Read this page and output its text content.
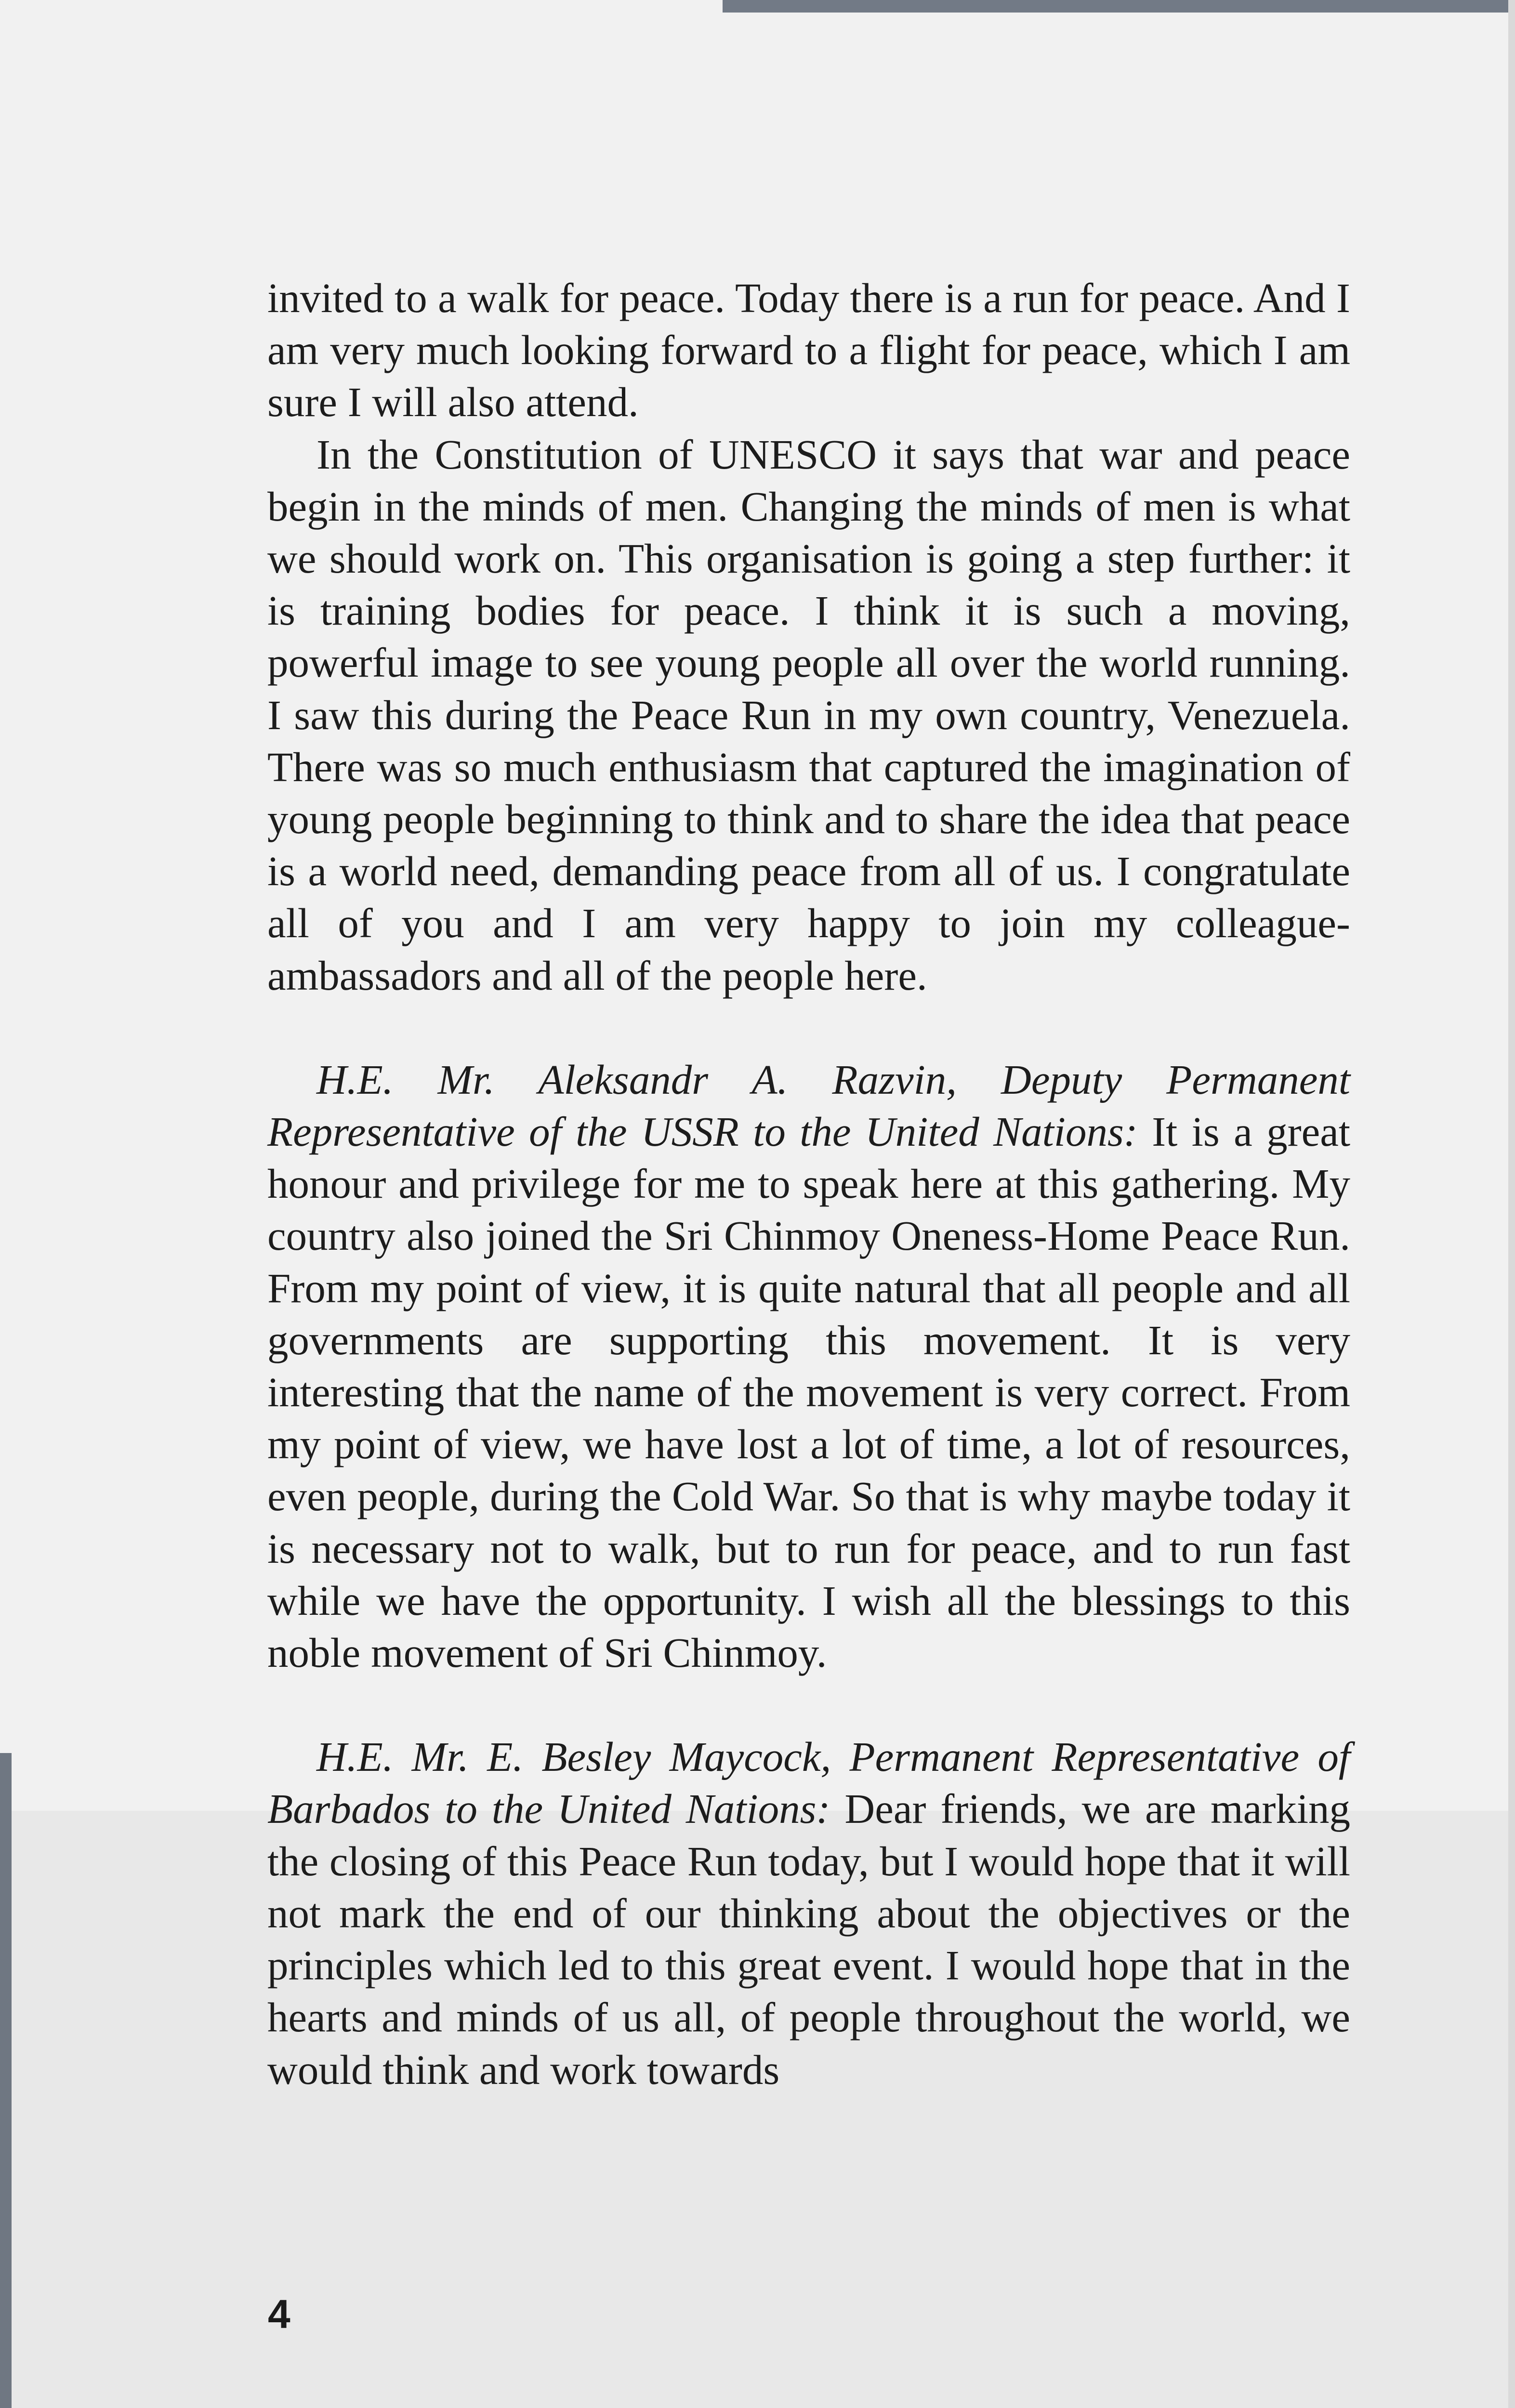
invited to a walk for peace. Today there is a run for peace. And I am very much looking forward to a flight for peace, which I am sure I will also attend.

In the Constitution of UNESCO it says that war and peace begin in the minds of men. Changing the minds of men is what we should work on. This organisation is going a step further: it is training bodies for peace. I think it is such a moving, powerful image to see young people all over the world running. I saw this during the Peace Run in my own country, Venezuela. There was so much enthusiasm that captured the imagination of young people beginning to think and to share the idea that peace is a world need, demanding peace from all of us. I congratulate all of you and I am very happy to join my colleague-ambassadors and all of the people here.

H.E. Mr. Aleksandr A. Razvin, Deputy Permanent Representative of the USSR to the United Nations: It is a great honour and privilege for me to speak here at this gathering. My country also joined the Sri Chinmoy Oneness-Home Peace Run. From my point of view, it is quite natural that all people and all governments are supporting this movement. It is very interesting that the name of the movement is very correct. From my point of view, we have lost a lot of time, a lot of resources, even people, during the Cold War. So that is why maybe today it is necessary not to walk, but to run for peace, and to run fast while we have the opportunity. I wish all the blessings to this noble movement of Sri Chinmoy.

H.E. Mr. E. Besley Maycock, Permanent Representative of Barbados to the United Nations: Dear friends, we are marking the closing of this Peace Run today, but I would hope that it will not mark the end of our thinking about the objectives or the principles which led to this great event. I would hope that in the hearts and minds of us all, of people throughout the world, we would think and work towards

4
